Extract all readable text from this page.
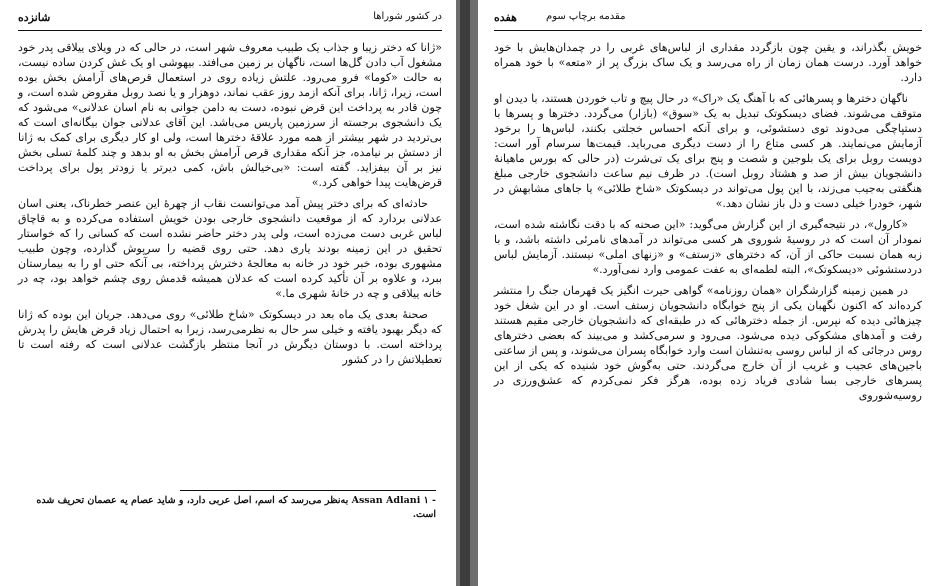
شانزده	در کشور شوراها

«ژانا که دختر زیبا و جذاب یک طبیب معروف شهر است، در حالی که در ویلای ییلاقی پدر خود مشغول آب دادن گل‌ها است، ناگهان بر زمین می‌افتد. بیهوشی او یک غش کردن ساده نیست، به حالت «کوما» فرو می‌رود. علتش زیاده روی در استعمال قرص‌های آرامش بخش بوده است، زیرا، ژانا، برای آنکه ازمد روز عقب نماند، دوهزار و یا نصد روبل مقروض شده است، و چون قادر به پرداخت این قرض نبوده، دست به دامن جوانی به نام اسان عدلانی» می‌شود که یک دانشجوی برجسته از سرزمین پاریس می‌باشد. این آقای عدلانی جوان بیگانه‌ای است که بی‌تردید در شهر بیشتر از همه مورد علاقهٔ دخترها است، ولی او کار دیگری برای کمک به ژانا از دستش بر نیامده، جز آنکه مقداری قرص آرامش بخش به او بدهد و چند کلمهٔ تسلی بخش نیز بر آن بیفزاید. گفته است: «بی‌خیالش باش، کمی دیرتر یا زودتر پول برای پرداخت قرض‌هایت پیدا خواهی کرد.»

حادثه‌ای که برای دختر پیش آمد می‌توانست نقاب از چهرهٔ این عنصر خطرناک، یعنی اسان عدلانی بردارد که از موقعیت دانشجوی خارجی بودن خویش استفاده می‌کرده و به قاچاق لباس غربی دست می‌زده است، ولی پدر دختر حاضر نشده است که کسانی را که خواستار تحقیق در این زمینه بودند یاری دهد. حتی روی قضیه را سرپوش گذارده، وچون طبیب مشهوری بوده، خبر خود در خانه به معالجهٔ دخترش پرداخته، بی آنکه حتی او را به بیمارستان ببرد، و علاوه بر آن تأکید کرده است که عدلان همیشه قدمش روی چشم خواهد بود، چه در خانه ییلاقی و چه در خانهٔ شهری ما.»

صحنهٔ بعدی یک ماه بعد در دیسکوتک «شاخ طلائی» روی می‌دهد. جریان این بوده که ژانا که دیگر بهبود یافته و خیلی سر حال به نظرمی‌رسد، زیرا به احتمال زیاد قرض هایش را پدرش پرداخته است. با دوستان دیگرش در آنجا منتظر بازگشت عدلانی است که رفته است تا تعطیلاتش را در کشور

- ۱ Assan Adlani به‌نظر می‌رسد که اسم، اصل عربی دارد، و شاید عصام یه عصمان تحریف شده است.
مقدمه برچاپ سوم
هفده

خویش بگذراند، و یقین چون بازگردد مقداری از لباس‌های غربی را در چمدان‌هایش با خود خواهد آورد. درست همان زمان از راه می‌رسد و یک ساک بزرگ پر از «متعه» با خود همراه دارد.

ناگهان دخترها و پسرهائی که با آهنگ یک «راک» در حال پیچ و تاب خوردن هستند، با دیدن او متوقف می‌شوند. فضای دیسکوتک تبدیل به یک «سوق» (بازار) می‌گردد. دخترها و پسرها با دستپاچگی می‌دوند توی دستشوئی، و برای آنکه احساس خجلتی بکنند، لباس‌ها را برخود آزمایش می‌نمایند. هر کسی متاع را از دست دیگری می‌رباید. قیمت‌ها سرسام آور است: دویست روبل برای یک بلوجین و شصت و پنج برای یک تی‌شرت (در حالی که بورس ماهیانهٔ دانشجویان بیش از صد و هشتاد روبل است). در ظرف نیم ساعت دانشجوی خارجی مبلغ هنگفتی به‌جیب می‌زند، با این پول می‌تواند در دیسکوتک «شاخ طلائی» یا جاهای مشابهش در شهر، خودرا خیلی دست و دل باز نشان دهد.»

«کارول»، در نتیجه‌گیری از این گزارش می‌گوید: «این صحنه که با دقت نگاشته شده است، نمودار آن است که در روسیهٔ شوروی هر کسی می‌تواند در آمدهای نامرئی داشته باشد، و با زبه همان نسبت حاکی از آن، که دخترهای «زستف» و «زنهای املی» نیستند. آزمایش لباس دردستشوئی «دیسکوتک»، البته لطمه‌ای به عفت عمومی وارد نمی‌آورد.»

در همین زمینه گزارشگران «همان روزنامه» گواهی حیرت انگیز یک قهرمان جنگ را منتشر کرده‌اند که اکنون نگهبان یکی از پنج خوابگاه دانشجویان زستف است. او در این شغل خود چیزهائی دیده که نپرس. از جمله دخترهائی که در طبقه‌ای که دانشجویان خارجی مقیم هستند رفت و آمدهای مشکوکی دیده می‌شود. می‌رود و سرمی‌کشد و می‌بیند که بعضی دخترهای روس درجائی که از لباس روسی به‌تنشان است وارد خوابگاه پسران می‌شوند، و پس از ساعتی باجین‌های عجیب و غریب از آن خارج می‌گردند. حتی به‌گوش خود شنیده که یکی از این پسرهای خارجی بسا شادی فریاد زده بوده، هرگز فکر نمی‌کردم که عشق‌ورزی در روسیه‌شوروی
